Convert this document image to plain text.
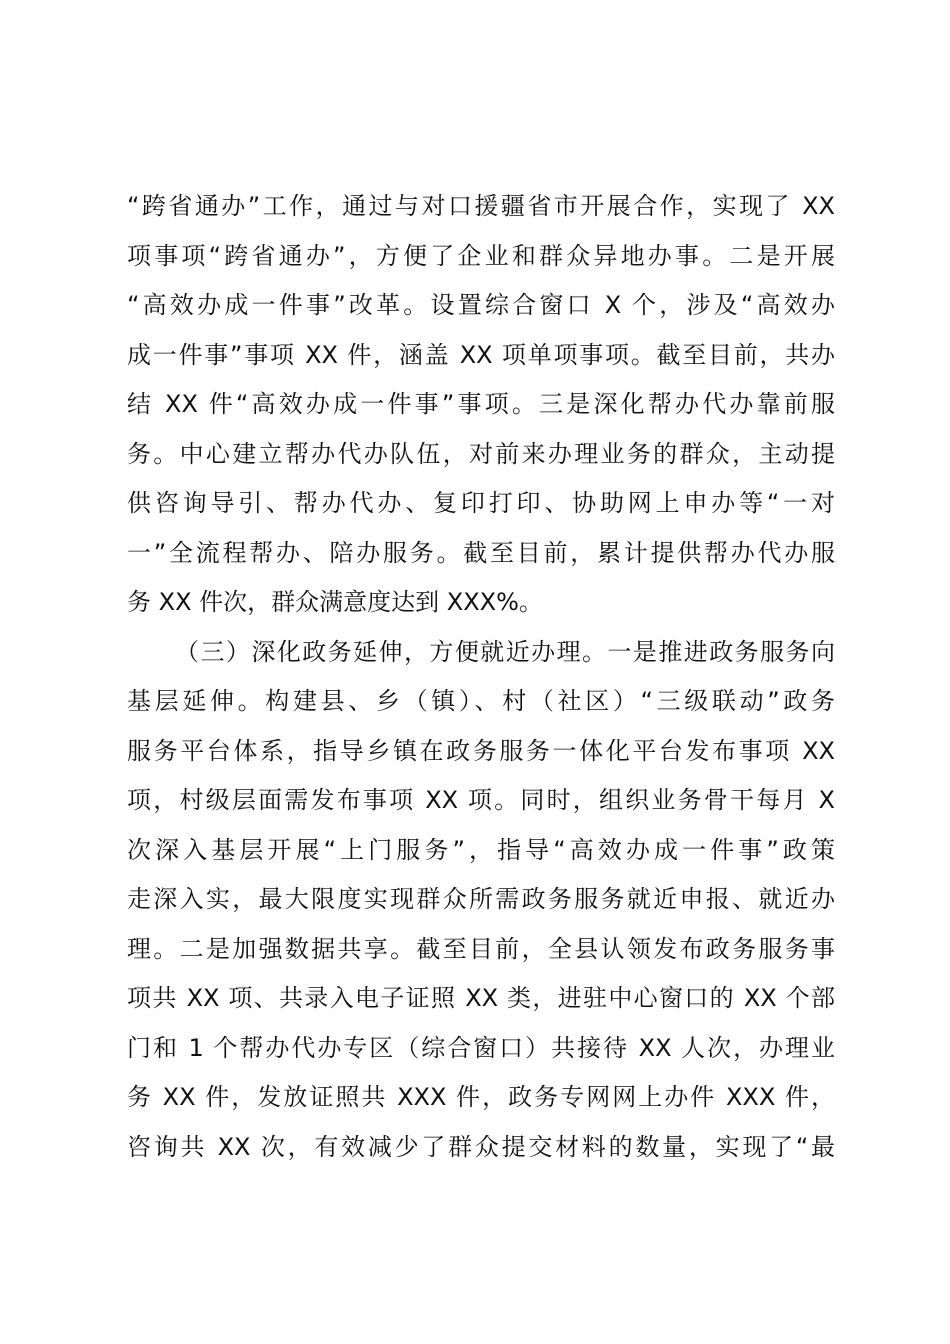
“跨省通办”工作，通过与对口援疆省市开展合作，实现了 XX
项事项“跨省通办”，方便了企业和群众异地办事。二是开展
“高效办成一件事”改革。设置综合窗口 X 个，涉及“高效办
成一件事”事项 XX 件，涵盖 XX 项单项事项。截至目前，共办
结 XX 件“高效办成一件事”事项。三是深化帮办代办靠前服
务。中心建立帮办代办队伍，对前来办理业务的群众，主动提
供咨询导引、帮办代办、复印打印、协助网上申办等“一对
一”全流程帮办、陪办服务。截至目前，累计提供帮办代办服
务 XX 件次，群众满意度达到 XXX%。
（三）深化政务延伸，方便就近办理。一是推进政务服务向
基层延伸。构建县、乡（镇）、村（社区）“三级联动”政务
服务平台体系，指导乡镇在政务服务一体化平台发布事项 XX
项，村级层面需发布事项 XX 项。同时，组织业务骨干每月 X
次深入基层开展“上门服务”，指导“高效办成一件事”政策
走深入实，最大限度实现群众所需政务服务就近申报、就近办
理。二是加强数据共享。截至目前，全县认领发布政务服务事
项共 XX 项、共录入电子证照 XX 类，进驻中心窗口的 XX 个部
门和 1 个帮办代办专区（综合窗口）共接待 XX 人次，办理业
务 XX 件，发放证照共 XXX 件，政务专网网上办件 XXX 件，
咨询共 XX 次，有效减少了群众提交材料的数量，实现了“最
